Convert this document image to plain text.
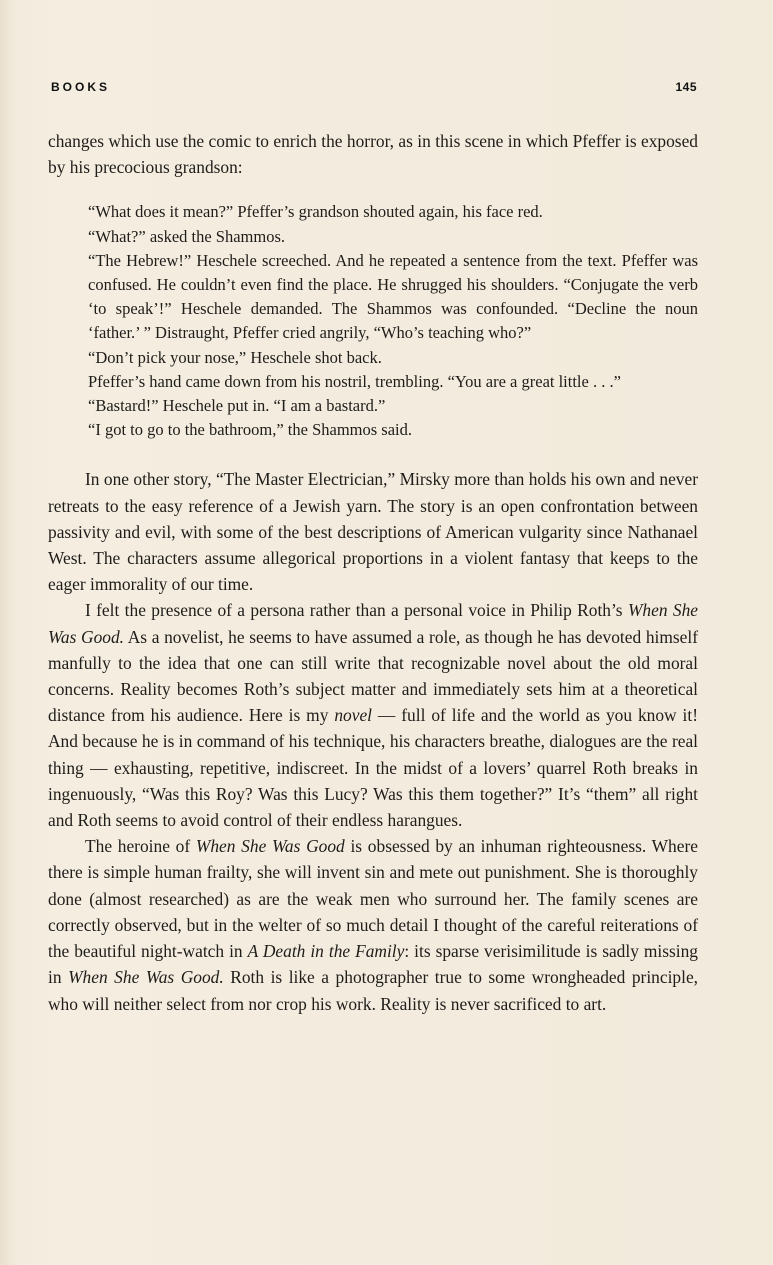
BOOKS	145

changes which use the comic to enrich the horror, as in this scene in which Pfeffer is exposed by his precocious grandson:

“What does it mean?” Pfeffer’s grandson shouted again, his face red.

“What?” asked the Shammos.

“The Hebrew!” Heschele screeched. And he repeated a sentence from the text. Pfeffer was confused. He couldn’t even find the place. He shrugged his shoulders. “Conjugate the verb ‘to speak’!” Heschele demanded. The Shammos was confounded. “Decline the noun ‘father.’ ” Distraught, Pfeffer cried angrily, “Who’s teaching who?”

“Don’t pick your nose,” Heschele shot back.

Pfeffer’s hand came down from his nostril, trembling. “You are a great little . . .”

“Bastard!” Heschele put in. “I am a bastard.”

“I got to go to the bathroom,” the Shammos said.

In one other story, “The Master Electrician,” Mirsky more than holds his own and never retreats to the easy reference of a Jewish yarn. The story is an open confrontation between passivity and evil, with some of the best descriptions of American vulgarity since Nathanael West. The characters assume allegorical proportions in a violent fantasy that keeps to the eager immorality of our time.

I felt the presence of a persona rather than a personal voice in Philip Roth’s When She Was Good. As a novelist, he seems to have assumed a role, as though he has devoted himself manfully to the idea that one can still write that recognizable novel about the old moral concerns. Reality becomes Roth’s subject matter and immediately sets him at a theoretical distance from his audience. Here is my novel — full of life and the world as you know it! And because he is in command of his technique, his characters breathe, dialogues are the real thing — exhausting, repetitive, indiscreet. In the midst of a lovers’ quarrel Roth breaks in ingenuously, “Was this Roy? Was this Lucy? Was this them together?” It’s “them” all right and Roth seems to avoid control of their endless harangues.

The heroine of When She Was Good is obsessed by an inhuman righteousness. Where there is simple human frailty, she will invent sin and mete out punishment. She is thoroughly done (almost researched) as are the weak men who surround her. The family scenes are correctly observed, but in the welter of so much detail I thought of the careful reiterations of the beautiful night-watch in A Death in the Family: its sparse verisimilitude is sadly missing in When She Was Good. Roth is like a photographer true to some wrongheaded principle, who will neither select from nor crop his work. Reality is never sacrificed to art.
